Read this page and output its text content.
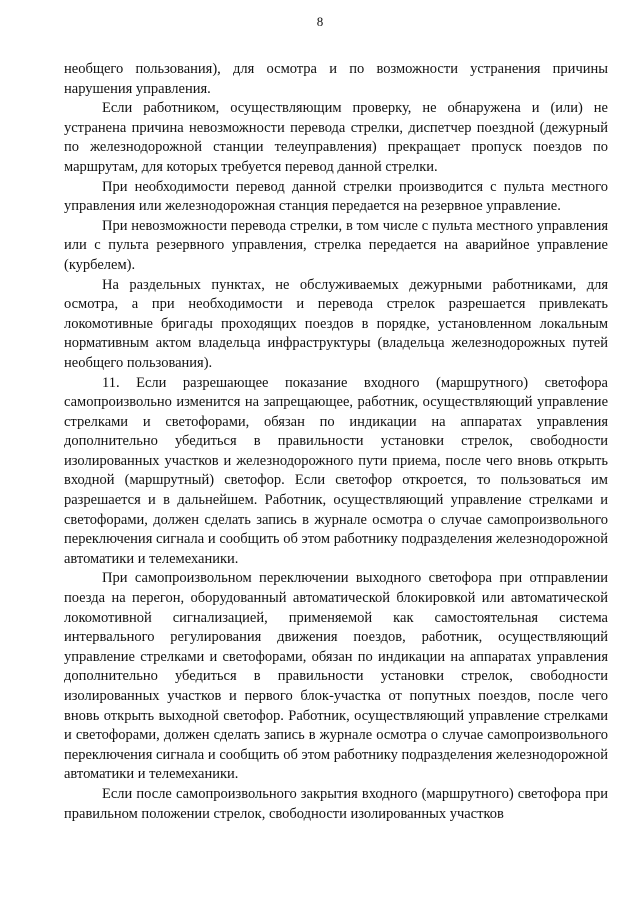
8

необщего пользования), для осмотра и по возможности устранения причины нарушения управления.

Если работником, осуществляющим проверку, не обнаружена и (или) не устранена причина невозможности перевода стрелки, диспетчер поездной (дежурный по железнодорожной станции телеуправления) прекращает пропуск поездов по маршрутам, для которых требуется перевод данной стрелки.

При необходимости перевод данной стрелки производится с пульта местного управления или железнодорожная станция передается на резервное управление.

При невозможности перевода стрелки, в том числе с пульта местного управления или с пульта резервного управления, стрелка передается на аварийное управление (курбелем).

На раздельных пунктах, не обслуживаемых дежурными работниками, для осмотра, а при необходимости и перевода стрелок разрешается привлекать локомотивные бригады проходящих поездов в порядке, установленном локальным нормативным актом владельца инфраструктуры (владельца железнодорожных путей необщего пользования).

11. Если разрешающее показание входного (маршрутного) светофора самопроизвольно изменится на запрещающее, работник, осуществляющий управление стрелками и светофорами, обязан по индикации на аппаратах управления дополнительно убедиться в правильности установки стрелок, свободности изолированных участков и железнодорожного пути приема, после чего вновь открыть входной (маршрутный) светофор. Если светофор откроется, то пользоваться им разрешается и в дальнейшем. Работник, осуществляющий управление стрелками и светофорами, должен сделать запись в журнале осмотра о случае самопроизвольного переключения сигнала и сообщить об этом работнику подразделения железнодорожной автоматики и телемеханики.

При самопроизвольном переключении выходного светофора при отправлении поезда на перегон, оборудованный автоматической блокировкой или автоматической локомотивной сигнализацией, применяемой как самостоятельная система интервального регулирования движения поездов, работник, осуществляющий управление стрелками и светофорами, обязан по индикации на аппаратах управления дополнительно убедиться в правильности установки стрелок, свободности изолированных участков и первого блок-участка от попутных поездов, после чего вновь открыть выходной светофор. Работник, осуществляющий управление стрелками и светофорами, должен сделать запись в журнале осмотра о случае самопроизвольного переключения сигнала и сообщить об этом работнику подразделения железнодорожной автоматики и телемеханики.

Если после самопроизвольного закрытия входного (маршрутного) светофора при правильном положении стрелок, свободности изолированных участков
